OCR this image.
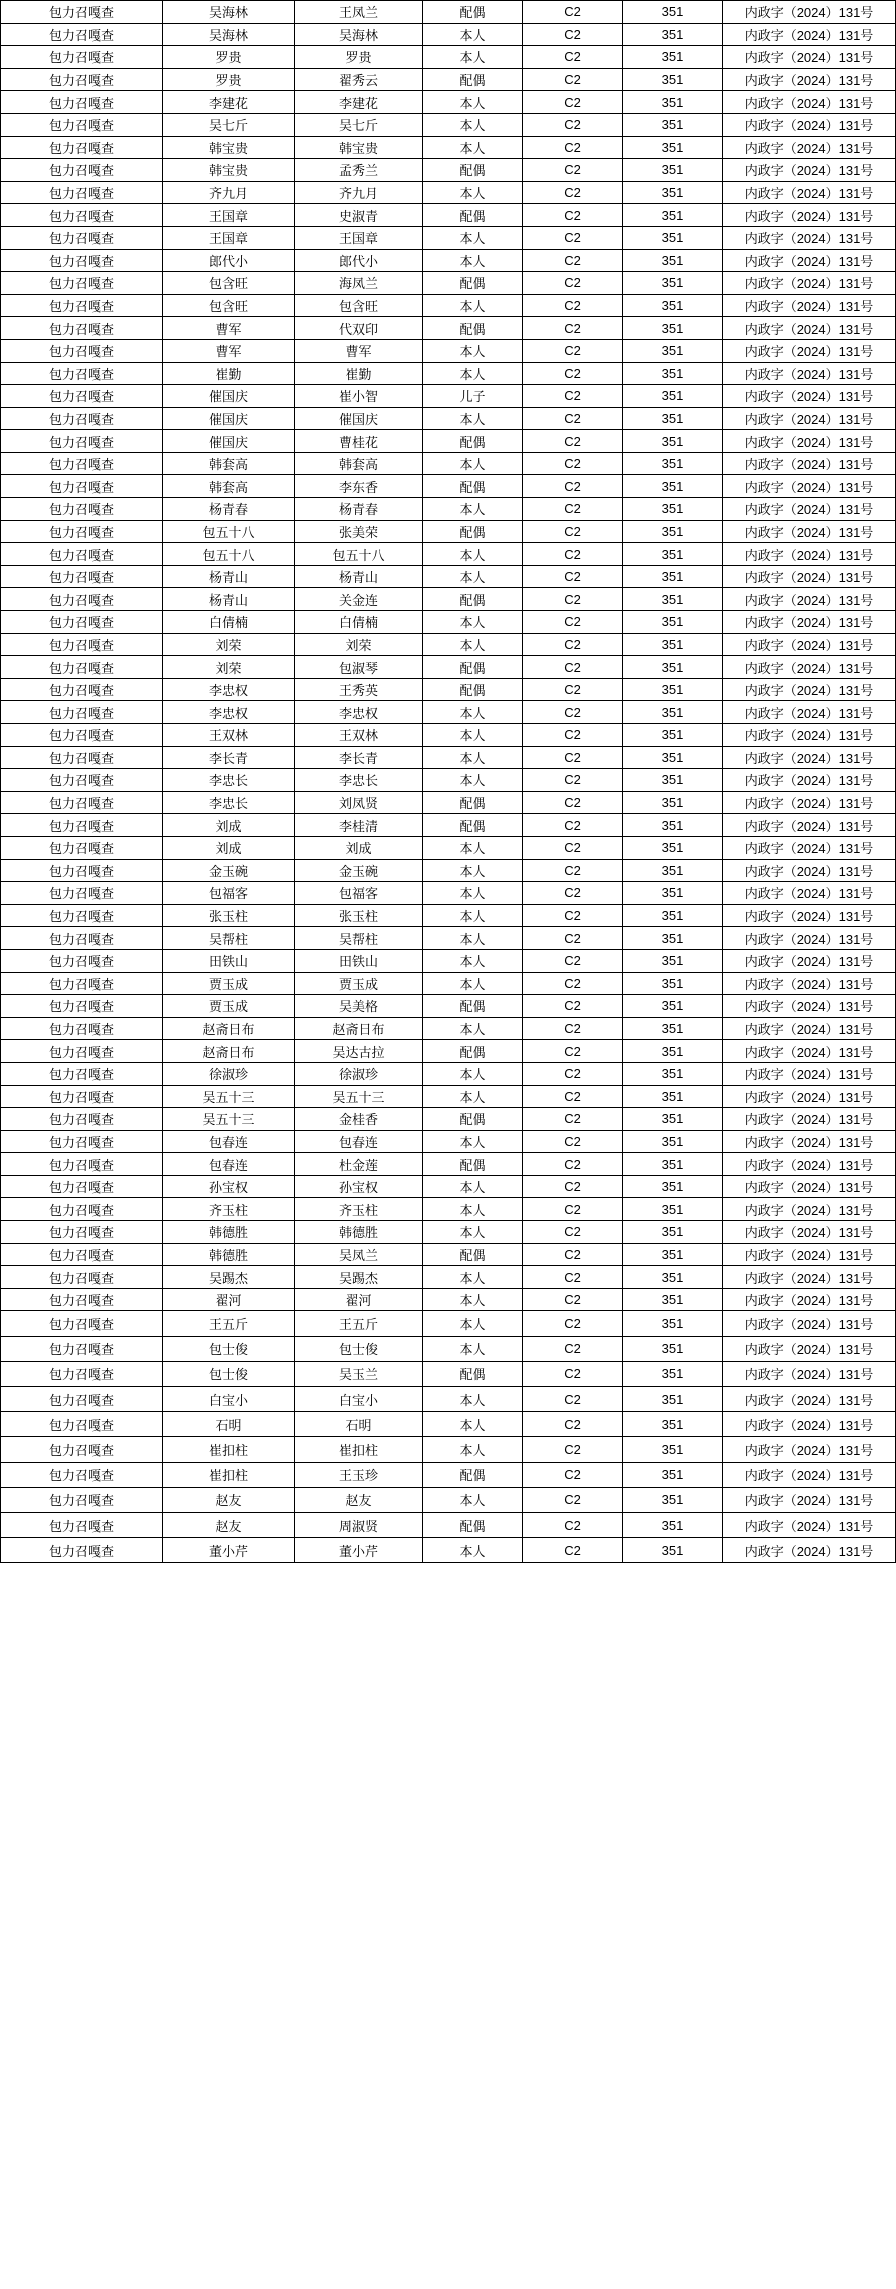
包力召嘎查	吴海林	王凤兰	配偶	C2	351	内政字（2024）131号
包力召嘎查	吴海林	吴海林	本人	C2	351	内政字（2024）131号
包力召嘎查	罗贵	罗贵	本人	C2	351	内政字（2024）131号
包力召嘎查	罗贵	翟秀云	配偶	C2	351	内政字（2024）131号
包力召嘎查	李建花	李建花	本人	C2	351	内政字（2024）131号
包力召嘎查	吴七斤	吴七斤	本人	C2	351	内政字（2024）131号
包力召嘎查	韩宝贵	韩宝贵	本人	C2	351	内政字（2024）131号
包力召嘎查	韩宝贵	孟秀兰	配偶	C2	351	内政字（2024）131号
包力召嘎查	齐九月	齐九月	本人	C2	351	内政字（2024）131号
包力召嘎查	王国章	史淑青	配偶	C2	351	内政字（2024）131号
包力召嘎查	王国章	王国章	本人	C2	351	内政字（2024）131号
包力召嘎查	郎代小	郎代小	本人	C2	351	内政字（2024）131号
包力召嘎查	包含旺	海凤兰	配偶	C2	351	内政字（2024）131号
包力召嘎查	包含旺	包含旺	本人	C2	351	内政字（2024）131号
包力召嘎查	曹军	代双印	配偶	C2	351	内政字（2024）131号
包力召嘎查	曹军	曹军	本人	C2	351	内政字（2024）131号
包力召嘎查	崔勤	崔勤	本人	C2	351	内政字（2024）131号
包力召嘎查	催国庆	崔小智	儿子	C2	351	内政字（2024）131号
包力召嘎查	催国庆	催国庆	本人	C2	351	内政字（2024）131号
包力召嘎查	催国庆	曹桂花	配偶	C2	351	内政字（2024）131号
包力召嘎查	韩套高	韩套高	本人	C2	351	内政字（2024）131号
包力召嘎查	韩套高	李东香	配偶	C2	351	内政字（2024）131号
包力召嘎查	杨青春	杨青春	本人	C2	351	内政字（2024）131号
包力召嘎查	包五十八	张美荣	配偶	C2	351	内政字（2024）131号
包力召嘎查	包五十八	包五十八	本人	C2	351	内政字（2024）131号
包力召嘎查	杨青山	杨青山	本人	C2	351	内政字（2024）131号
包力召嘎查	杨青山	关金连	配偶	C2	351	内政字（2024）131号
包力召嘎查	白倩楠	白倩楠	本人	C2	351	内政字（2024）131号
包力召嘎查	刘荣	刘荣	本人	C2	351	内政字（2024）131号
包力召嘎查	刘荣	包淑琴	配偶	C2	351	内政字（2024）131号
包力召嘎查	李忠权	王秀英	配偶	C2	351	内政字（2024）131号
包力召嘎查	李忠权	李忠权	本人	C2	351	内政字（2024）131号
包力召嘎查	王双林	王双林	本人	C2	351	内政字（2024）131号
包力召嘎查	李长青	李长青	本人	C2	351	内政字（2024）131号
包力召嘎查	李忠长	李忠长	本人	C2	351	内政字（2024）131号
包力召嘎查	李忠长	刘凤贤	配偶	C2	351	内政字（2024）131号
包力召嘎查	刘成	李桂清	配偶	C2	351	内政字（2024）131号
包力召嘎查	刘成	刘成	本人	C2	351	内政字（2024）131号
包力召嘎查	金玉碗	金玉碗	本人	C2	351	内政字（2024）131号
包力召嘎查	包福客	包福客	本人	C2	351	内政字（2024）131号
包力召嘎查	张玉柱	张玉柱	本人	C2	351	内政字（2024）131号
包力召嘎查	吴帮柱	吴帮柱	本人	C2	351	内政字（2024）131号
包力召嘎查	田铁山	田铁山	本人	C2	351	内政字（2024）131号
包力召嘎查	贾玉成	贾玉成	本人	C2	351	内政字（2024）131号
包力召嘎查	贾玉成	吴美格	配偶	C2	351	内政字（2024）131号
包力召嘎查	赵斋日布	赵斋日布	本人	C2	351	内政字（2024）131号
包力召嘎查	赵斋日布	吴达古拉	配偶	C2	351	内政字（2024）131号
包力召嘎查	徐淑珍	徐淑珍	本人	C2	351	内政字（2024）131号
包力召嘎查	吴五十三	吴五十三	本人	C2	351	内政字（2024）131号
包力召嘎查	吴五十三	金桂香	配偶	C2	351	内政字（2024）131号
包力召嘎查	包春连	包春连	本人	C2	351	内政字（2024）131号
包力召嘎查	包春连	杜金莲	配偶	C2	351	内政字（2024）131号
包力召嘎查	孙宝权	孙宝权	本人	C2	351	内政字（2024）131号
包力召嘎查	齐玉柱	齐玉柱	本人	C2	351	内政字（2024）131号
包力召嘎查	韩德胜	韩德胜	本人	C2	351	内政字（2024）131号
包力召嘎查	韩德胜	吴凤兰	配偶	C2	351	内政字（2024）131号
包力召嘎查	吴踢杰	吴踢杰	本人	C2	351	内政字（2024）131号
包力召嘎查	翟河	翟河	本人	C2	351	内政字（2024）131号
包力召嘎查	王五斤	王五斤	本人	C2	351	内政字（2024）131号
包力召嘎查	包士俊	包士俊	本人	C2	351	内政字（2024）131号
包力召嘎查	包士俊	吴玉兰	配偶	C2	351	内政字（2024）131号
包力召嘎查	白宝小	白宝小	本人	C2	351	内政字（2024）131号
包力召嘎查	石明	石明	本人	C2	351	内政字（2024）131号
包力召嘎查	崔扣柱	崔扣柱	本人	C2	351	内政字（2024）131号
包力召嘎查	崔扣柱	王玉珍	配偶	C2	351	内政字（2024）131号
包力召嘎查	赵友	赵友	本人	C2	351	内政字（2024）131号
包力召嘎查	赵友	周淑贤	配偶	C2	351	内政字（2024）131号
包力召嘎查	董小芹	董小芹	本人	C2	351	内政字（2024）131号
